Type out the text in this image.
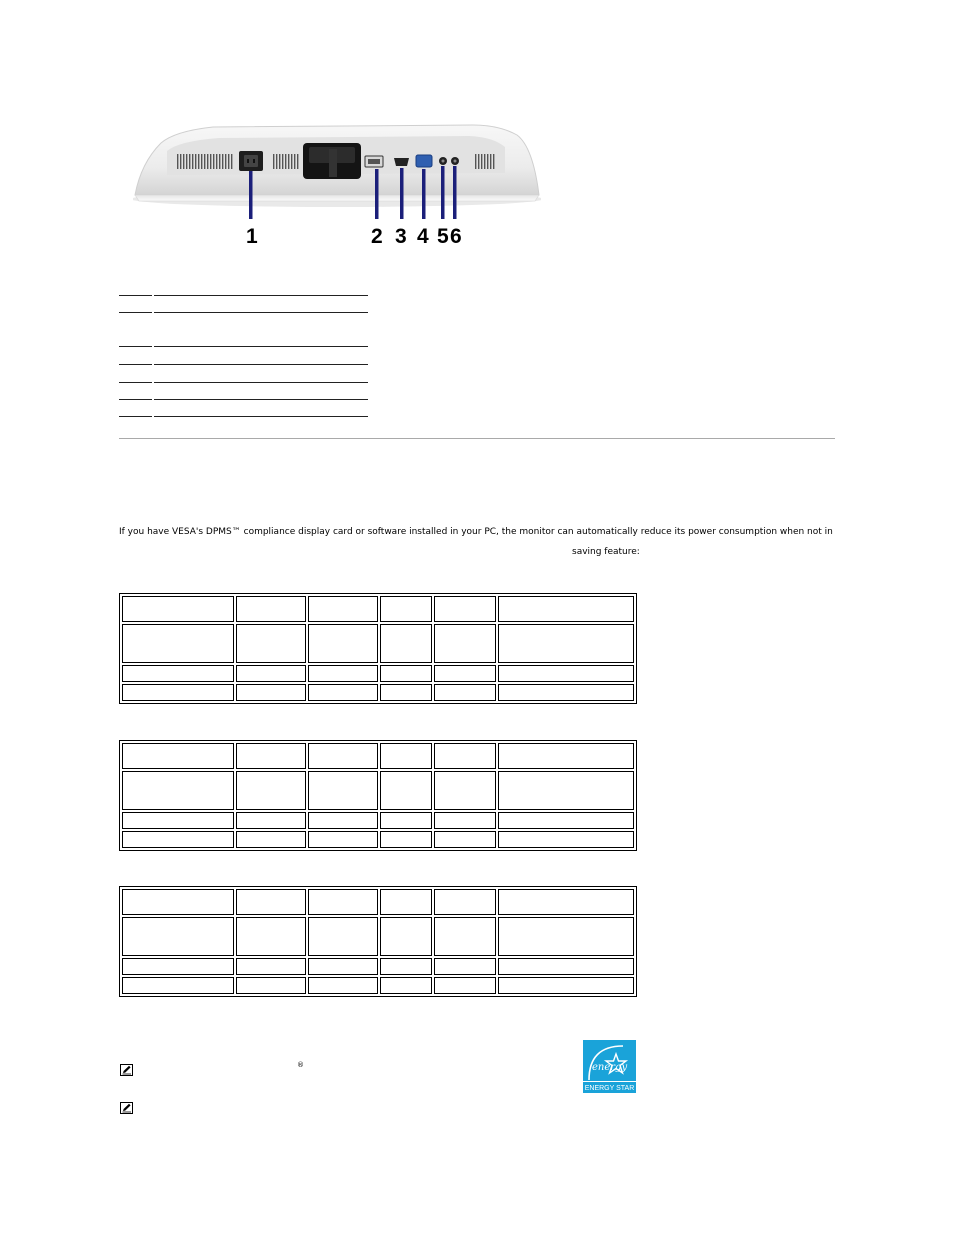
1	2 3 4 5 6
If you have VESA's DPMS™ compliance display card or software installed in your PC, the monitor can automatically reduce its power consumption when not in
saving feature:

®	energy
ENERGY STAR
